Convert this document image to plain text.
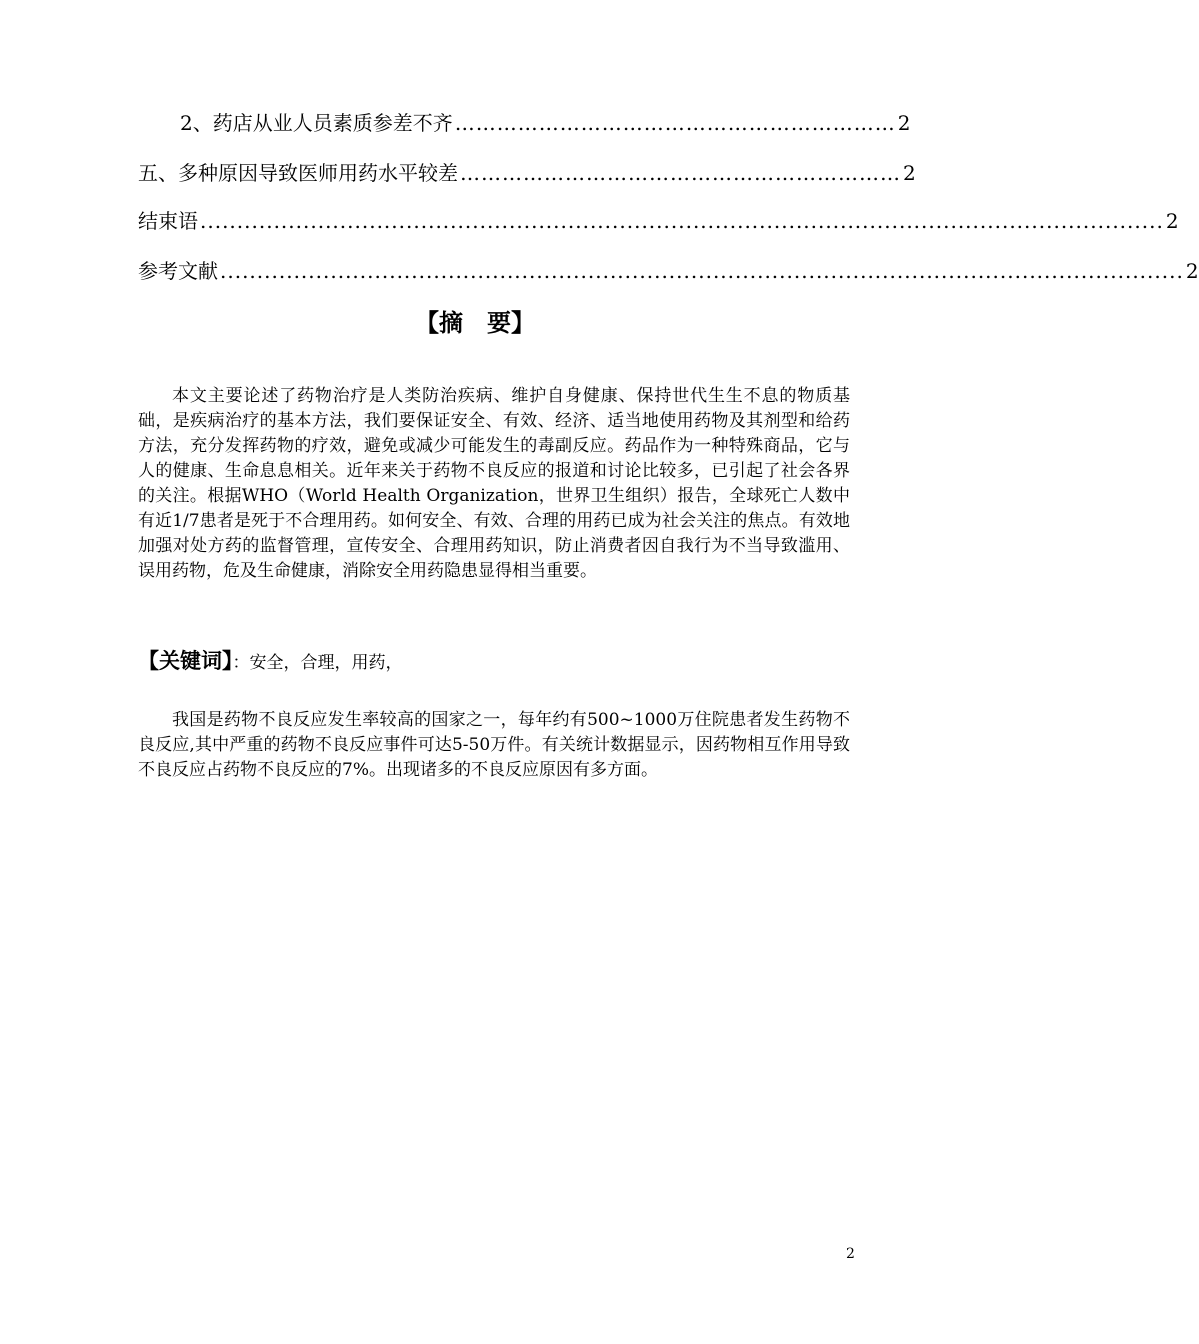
2、药店从业人员素质参差不齐 ……………………………………………………… 2
五、多种原因导致医师用药水平较差 ……………………………………………………… 2
结束语 ................................................................................................................................... 2
参考文献 ................................................................................................................................... 2
【摘　要】

本文主要论述了药物治疗是人类防治疾病、维护自身健康、保持世代生生不息的物质基础，是疾病治疗的基本方法，我们要保证安全、有效、经济、适当地使用药物及其剂型和给药方法，充分发挥药物的疗效，避免或减少可能发生的毒副反应。药品作为一种特殊商品，它与人的健康、生命息息相关。近年来关于药物不良反应的报道和讨论比较多，已引起了社会各界的关注。根据WHO（World Health Organization，世界卫生组织）报告，全球死亡人数中有近1/7患者是死于不合理用药。如何安全、有效、合理的用药已成为社会关注的焦点。有效地加强对处方药的监督管理，宣传安全、合理用药知识，防止消费者因自我行为不当导致滥用、误用药物，危及生命健康，消除安全用药隐患显得相当重要。

【关键词】：安全，合理，用药，

我国是药物不良反应发生率较高的国家之一，每年约有500~1000万住院患者发生药物不良反应,其中严重的药物不良反应事件可达5-50万件。有关统计数据显示，因药物相互作用导致不良反应占药物不良反应的7%。出现诸多的不良反应原因有多方面。

2
